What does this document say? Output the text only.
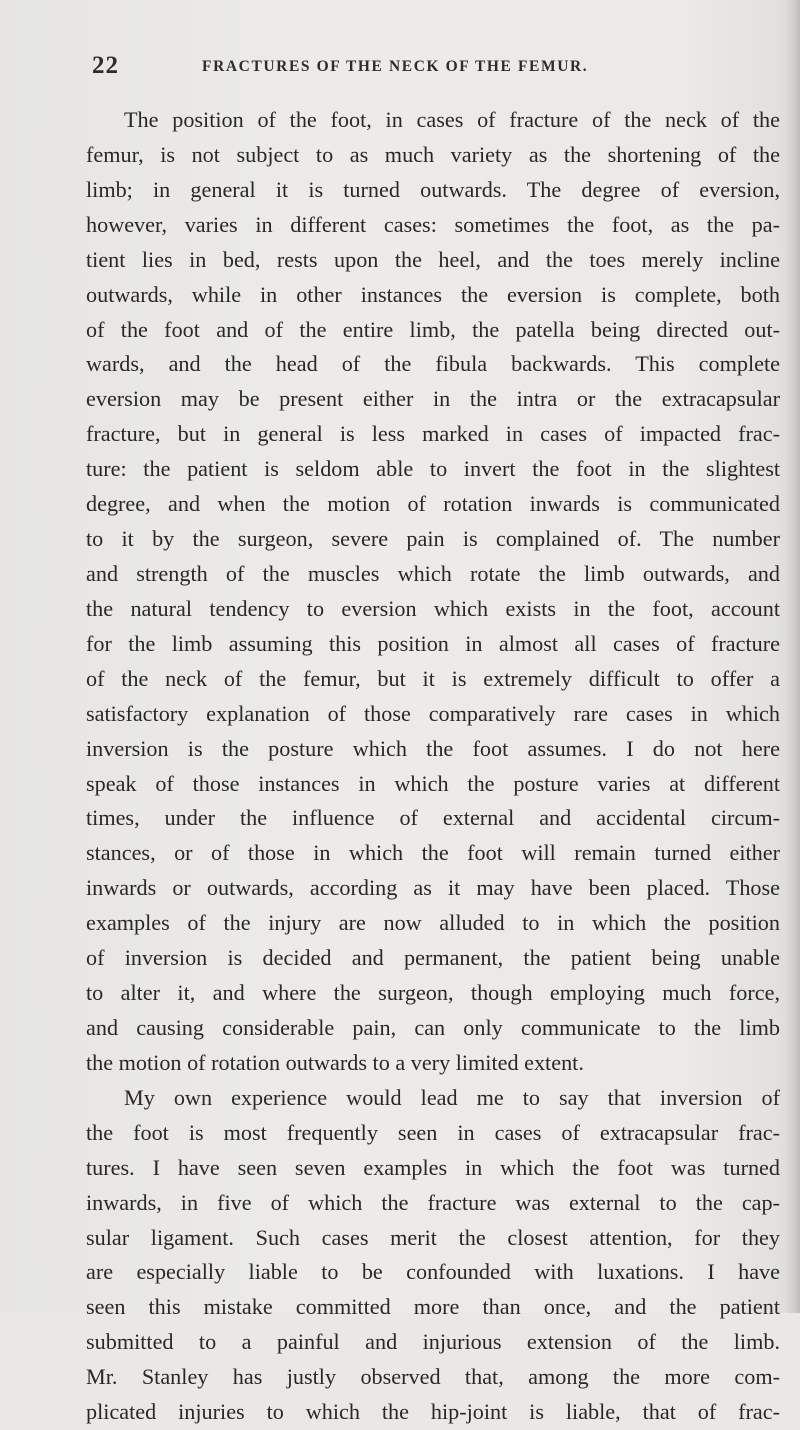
22	FRACTURES OF THE NECK OF THE FEMUR.
The position of the foot, in cases of fracture of the neck of the
femur, is not subject to as much variety as the shortening of the
limb; in general it is turned outwards. The degree of eversion,
however, varies in different cases: sometimes the foot, as the pa-
tient lies in bed, rests upon the heel, and the toes merely incline
outwards, while in other instances the eversion is complete, both
of the foot and of the entire limb, the patella being directed out-
wards, and the head of the fibula backwards. This complete
eversion may be present either in the intra or the extracapsular
fracture, but in general is less marked in cases of impacted frac-
ture: the patient is seldom able to invert the foot in the slightest
degree, and when the motion of rotation inwards is communicated
to it by the surgeon, severe pain is complained of. The number
and strength of the muscles which rotate the limb outwards, and
the natural tendency to eversion which exists in the foot, account
for the limb assuming this position in almost all cases of fracture
of the neck of the femur, but it is extremely difficult to offer a
satisfactory explanation of those comparatively rare cases in which
inversion is the posture which the foot assumes. I do not here
speak of those instances in which the posture varies at different
times, under the influence of external and accidental circum-
stances, or of those in which the foot will remain turned either
inwards or outwards, according as it may have been placed. Those
examples of the injury are now alluded to in which the position
of inversion is decided and permanent, the patient being unable
to alter it, and where the surgeon, though employing much force,
and causing considerable pain, can only communicate to the limb
the motion of rotation outwards to a very limited extent.
My own experience would lead me to say that inversion of
the foot is most frequently seen in cases of extracapsular frac-
tures. I have seen seven examples in which the foot was turned
inwards, in five of which the fracture was external to the cap-
sular ligament. Such cases merit the closest attention, for they
are especially liable to be confounded with luxations. I have
seen this mistake committed more than once, and the patient
submitted to a painful and injurious extension of the limb.
Mr. Stanley has justly observed that, among the more com-
plicated injuries to which the hip-joint is liable, that of frac-
